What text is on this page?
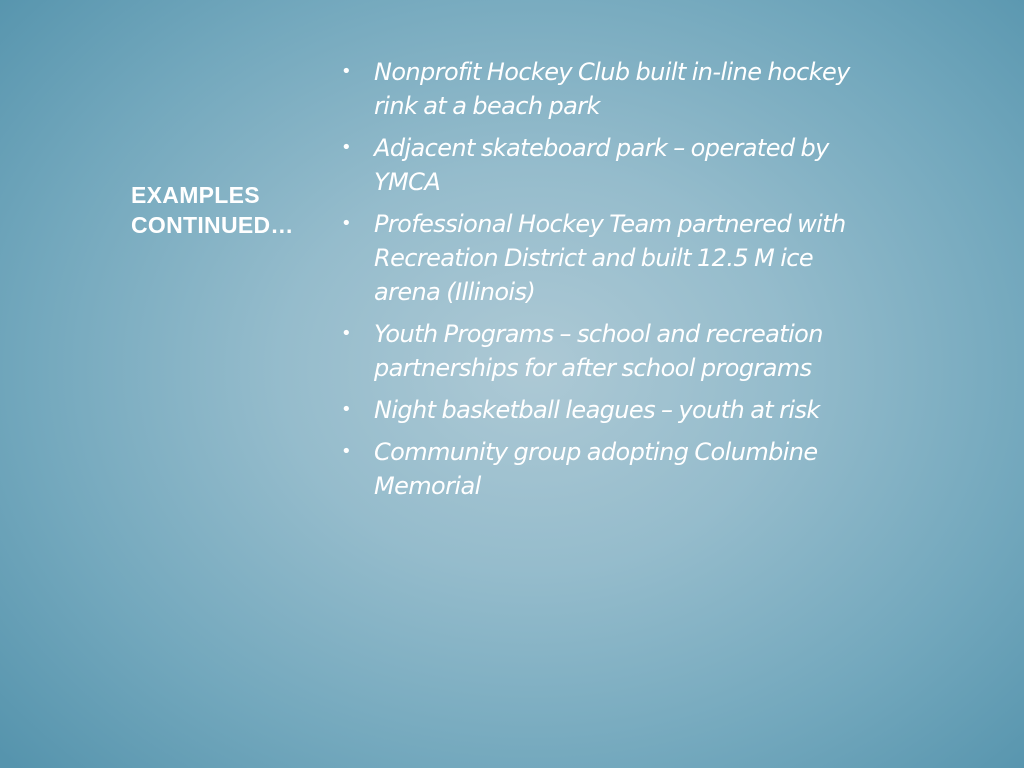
EXAMPLES
CONTINUED…
• Nonprofit Hockey Club built in-line hockey rink at a beach park
• Adjacent skateboard park – operated by YMCA
• Professional Hockey Team partnered with Recreation District and built 12.5 M ice arena (Illinois)
• Youth Programs – school and recreation partnerships for after school programs
• Night basketball leagues – youth at risk
• Community group adopting Columbine Memorial
